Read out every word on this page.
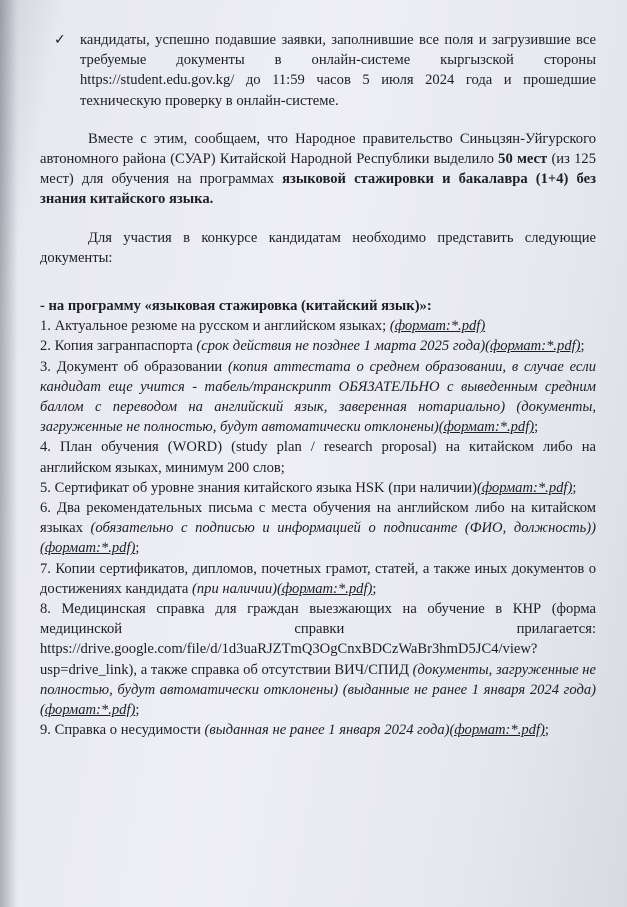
✓ кандидаты, успешно подавшие заявки, заполнившие все поля и загрузившие все требуемые документы в онлайн-системе кыргызской стороны https://student.edu.gov.kg/ до 11:59 часов 5 июля 2024 года и прошедшие техническую проверку в онлайн-системе.

Вместе с этим, сообщаем, что Народное правительство Синьцзян-Уйгурского автономного района (СУАР) Китайской Народной Республики выделило 50 мест (из 125 мест) для обучения на программах языковой стажировки и бакалавра (1+4) без знания китайского языка.

Для участия в конкурсе кандидатам необходимо представить следующие документы:

- на программу «языковая стажировка (китайский язык)»:

1. Актуальное резюме на русском и английском языках; (формат:*.pdf)

2. Копия загранпаспорта (срок действия не позднее 1 марта 2025 года)(формат:*.pdf);

3. Документ об образовании (копия аттестата о среднем образовании, в случае если кандидат еще учится - табель/транскрипт ОБЯЗАТЕЛЬНО с выведенным средним баллом с переводом на английский язык, заверенная нотариально) (документы, загруженные не полностью, будут автоматически отклонены)(формат:*.pdf);

4. План обучения (WORD) (study plan / research proposal) на китайском либо на английском языках, минимум 200 слов;

5. Сертификат об уровне знания китайского языка HSK (при наличии)(формат:*.pdf);

6. Два рекомендательных письма с места обучения на английском либо на китайском языках (обязательно с подписью и информацией о подписанте (ФИО, должность)) (формат:*.pdf);

7. Копии сертификатов, дипломов, почетных грамот, статей, а также иных документов о достижениях кандидата (при наличии)(формат:*.pdf);

8. Медицинская справка для граждан выезжающих на обучение в КНР (форма медицинской справки прилагается: https://drive.google.com/file/d/1d3uaRJZTmQ3OgCnxBDCzWaBr3hmD5JC4/view?usp=drive_link), а также справка об отсутствии ВИЧ/СПИД (документы, загруженные не полностью, будут автоматически отклонены) (выданные не ранее 1 января 2024 года)(формат:*.pdf);

9. Справка о несудимости (выданная не ранее 1 января 2024 года)(формат:*.pdf);
